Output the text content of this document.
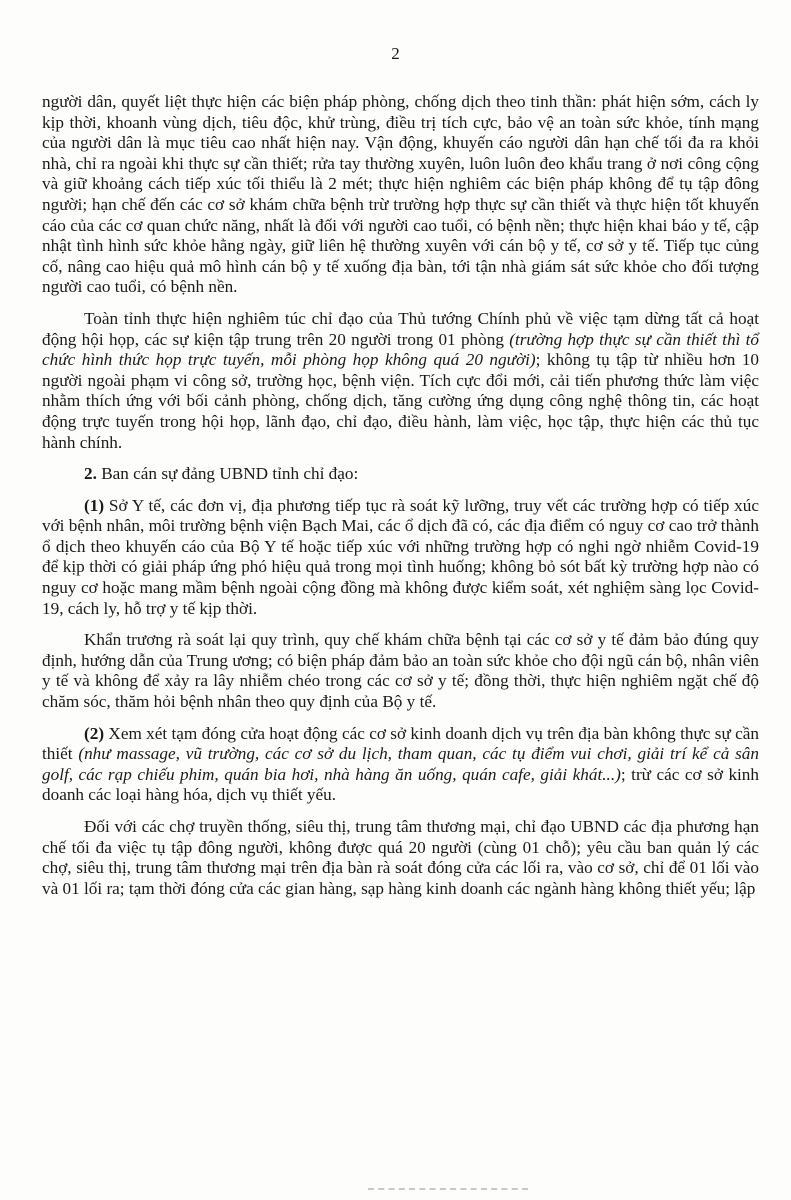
2

người dân, quyết liệt thực hiện các biện pháp phòng, chống dịch theo tinh thần: phát hiện sớm, cách ly kịp thời, khoanh vùng dịch, tiêu độc, khử trùng, điều trị tích cực, bảo vệ an toàn sức khỏe, tính mạng của người dân là mục tiêu cao nhất hiện nay. Vận động, khuyến cáo người dân hạn chế tối đa ra khỏi nhà, chỉ ra ngoài khi thực sự cần thiết; rửa tay thường xuyên, luôn luôn đeo khẩu trang ở nơi công cộng và giữ khoảng cách tiếp xúc tối thiểu là 2 mét; thực hiện nghiêm các biện pháp không để tụ tập đông người; hạn chế đến các cơ sở khám chữa bệnh trừ trường hợp thực sự cần thiết và thực hiện tốt khuyến cáo của các cơ quan chức năng, nhất là đối với người cao tuổi, có bệnh nền; thực hiện khai báo y tế, cập nhật tình hình sức khỏe hằng ngày, giữ liên hệ thường xuyên với cán bộ y tế, cơ sở y tế. Tiếp tục củng cố, nâng cao hiệu quả mô hình cán bộ y tế xuống địa bàn, tới tận nhà giám sát sức khỏe cho đối tượng người cao tuổi, có bệnh nền.

Toàn tỉnh thực hiện nghiêm túc chỉ đạo của Thủ tướng Chính phủ về việc tạm dừng tất cả hoạt động hội họp, các sự kiện tập trung trên 20 người trong 01 phòng (trường hợp thực sự cần thiết thì tổ chức hình thức họp trực tuyến, mỗi phòng họp không quá 20 người); không tụ tập từ nhiều hơn 10 người ngoài phạm vi công sở, trường học, bệnh viện. Tích cực đổi mới, cải tiến phương thức làm việc nhằm thích ứng với bối cảnh phòng, chống dịch, tăng cường ứng dụng công nghệ thông tin, các hoạt động trực tuyến trong hội họp, lãnh đạo, chỉ đạo, điều hành, làm việc, học tập, thực hiện các thủ tục hành chính.

2. Ban cán sự đảng UBND tỉnh chỉ đạo:

(1) Sở Y tế, các đơn vị, địa phương tiếp tục rà soát kỹ lưỡng, truy vết các trường hợp có tiếp xúc với bệnh nhân, môi trường bệnh viện Bạch Mai, các ổ dịch đã có, các địa điểm có nguy cơ cao trở thành ổ dịch theo khuyến cáo của Bộ Y tế hoặc tiếp xúc với những trường hợp có nghi ngờ nhiễm Covid-19 để kịp thời có giải pháp ứng phó hiệu quả trong mọi tình huống; không bỏ sót bất kỳ trường hợp nào có nguy cơ hoặc mang mầm bệnh ngoài cộng đồng mà không được kiểm soát, xét nghiệm sàng lọc Covid-19, cách ly, hỗ trợ y tế kịp thời.

Khẩn trương rà soát lại quy trình, quy chế khám chữa bệnh tại các cơ sở y tế đảm bảo đúng quy định, hướng dẫn của Trung ương; có biện pháp đảm bảo an toàn sức khỏe cho đội ngũ cán bộ, nhân viên y tế và không để xảy ra lây nhiễm chéo trong các cơ sở y tế; đồng thời, thực hiện nghiêm ngặt chế độ chăm sóc, thăm hỏi bệnh nhân theo quy định của Bộ y tế.

(2) Xem xét tạm đóng cửa hoạt động các cơ sở kinh doanh dịch vụ trên địa bàn không thực sự cần thiết (như massage, vũ trường, các cơ sở du lịch, tham quan, các tụ điểm vui chơi, giải trí kể cả sân golf, các rạp chiếu phim, quán bia hơi, nhà hàng ăn uống, quán cafe, giải khát...); trừ các cơ sở kinh doanh các loại hàng hóa, dịch vụ thiết yếu.

Đối với các chợ truyền thống, siêu thị, trung tâm thương mại, chỉ đạo UBND các địa phương hạn chế tối đa việc tụ tập đông người, không được quá 20 người (cùng 01 chỗ); yêu cầu ban quản lý các chợ, siêu thị, trung tâm thương mại trên địa bàn rà soát đóng cửa các lối ra, vào cơ sở, chỉ để 01 lối vào và 01 lối ra; tạm thời đóng cửa các gian hàng, sạp hàng kinh doanh các ngành hàng không thiết yếu; lập
